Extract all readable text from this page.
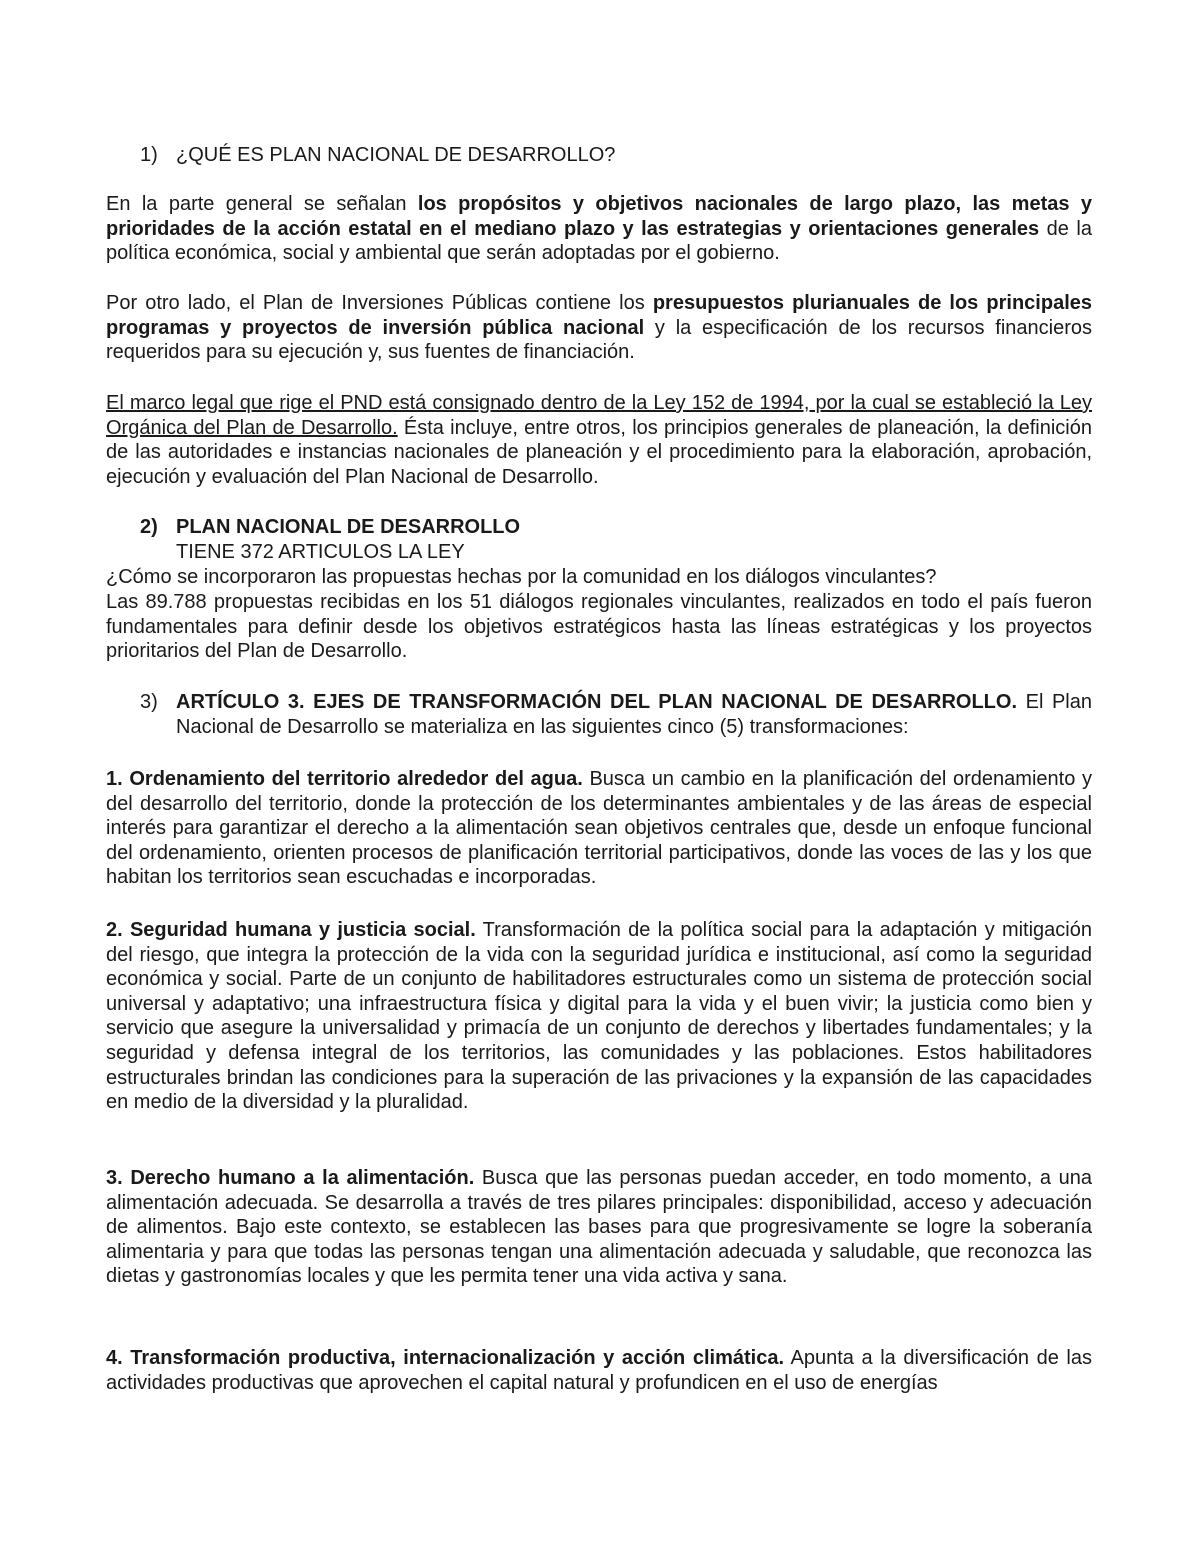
1) ¿QUÉ ES PLAN NACIONAL DE DESARROLLO?

En la parte general se señalan los propósitos y objetivos nacionales de largo plazo, las metas y prioridades de la acción estatal en el mediano plazo y las estrategias y orientaciones generales de la política económica, social y ambiental que serán adoptadas por el gobierno.

Por otro lado, el Plan de Inversiones Públicas contiene los presupuestos plurianuales de los principales programas y proyectos de inversión pública nacional y la especificación de los recursos financieros requeridos para su ejecución y, sus fuentes de financiación.

El marco legal que rige el PND está consignado dentro de la Ley 152 de 1994, por la cual se estableció la Ley Orgánica del Plan de Desarrollo. Ésta incluye, entre otros, los principios generales de planeación, la definición de las autoridades e instancias nacionales de planeación y el procedimiento para la elaboración, aprobación, ejecución y evaluación del Plan Nacional de Desarrollo.

2) PLAN NACIONAL DE DESARROLLO
TIENE 372 ARTICULOS LA LEY
¿Cómo se incorporaron las propuestas hechas por la comunidad en los diálogos vinculantes?

Las 89.788 propuestas recibidas en los 51 diálogos regionales vinculantes, realizados en todo el país fueron fundamentales para definir desde los objetivos estratégicos hasta las líneas estratégicas y los proyectos prioritarios del Plan de Desarrollo.

3) ARTÍCULO 3. EJES DE TRANSFORMACIÓN DEL PLAN NACIONAL DE DESARROLLO. El Plan Nacional de Desarrollo se materializa en las siguientes cinco (5) transformaciones:

1. Ordenamiento del territorio alrededor del agua. Busca un cambio en la planificación del ordenamiento y del desarrollo del territorio, donde la protección de los determinantes ambientales y de las áreas de especial interés para garantizar el derecho a la alimentación sean objetivos centrales que, desde un enfoque funcional del ordenamiento, orienten procesos de planificación territorial participativos, donde las voces de las y los que habitan los territorios sean escuchadas e incorporadas.

2. Seguridad humana y justicia social. Transformación de la política social para la adaptación y mitigación del riesgo, que integra la protección de la vida con la seguridad jurídica e institucional, así como la seguridad económica y social. Parte de un conjunto de habilitadores estructurales como un sistema de protección social universal y adaptativo; una infraestructura física y digital para la vida y el buen vivir; la justicia como bien y servicio que asegure la universalidad y primacía de un conjunto de derechos y libertades fundamentales; y la seguridad y defensa integral de los territorios, las comunidades y las poblaciones. Estos habilitadores estructurales brindan las condiciones para la superación de las privaciones y la expansión de las capacidades en medio de la diversidad y la pluralidad.

3. Derecho humano a la alimentación. Busca que las personas puedan acceder, en todo momento, a una alimentación adecuada. Se desarrolla a través de tres pilares principales: disponibilidad, acceso y adecuación de alimentos. Bajo este contexto, se establecen las bases para que progresivamente se logre la soberanía alimentaria y para que todas las personas tengan una alimentación adecuada y saludable, que reconozca las dietas y gastronomías locales y que les permita tener una vida activa y sana.

4. Transformación productiva, internacionalización y acción climática. Apunta a la diversificación de las actividades productivas que aprovechen el capital natural y profundicen en el uso de energías
